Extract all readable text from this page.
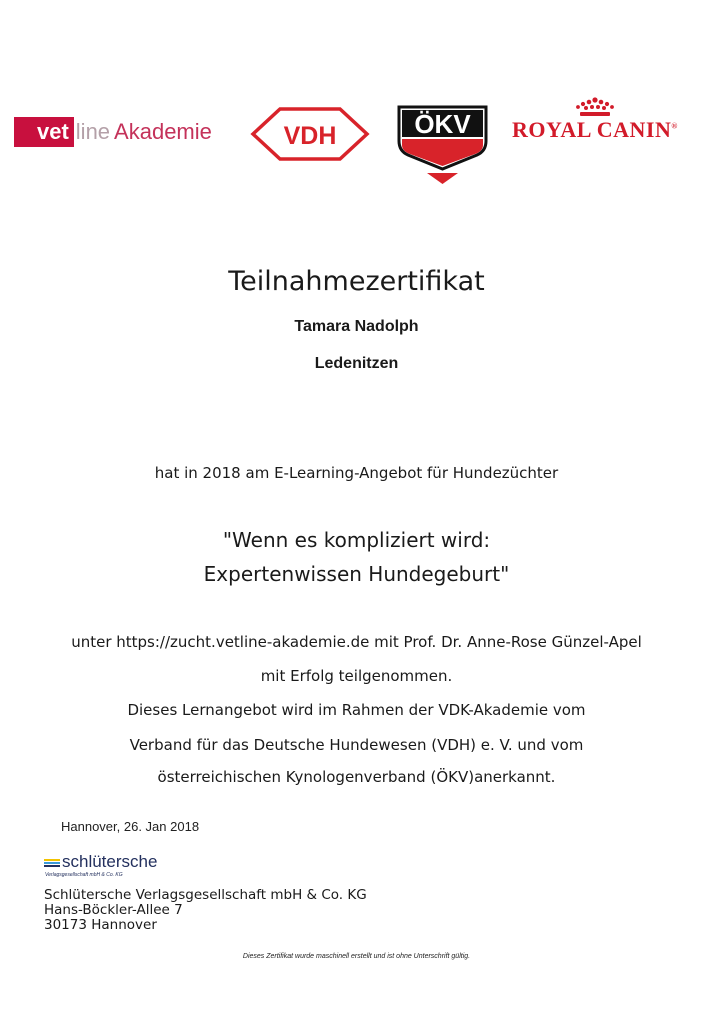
vet line Akademie	VDH	ÖKV ROYAL CANIN®
Teilnahmezertifikat
Tamara Nadolph
Ledenitzen
hat in 2018 am E-Learning-Angebot für Hundezüchter
"Wenn es kompliziert wird:
Expertenwissen Hundegeburt"
unter https://zucht.vetline-akademie.de mit Prof. Dr. Anne-Rose Günzel-Apel
mit Erfolg teilgenommen.
Dieses Lernangebot wird im Rahmen der VDK-Akademie vom
Verband für das Deutsche Hundewesen (VDH) e. V. und vom
österreichischen Kynologenverband (ÖKV)anerkannt.
Hannover, 26. Jan 2018
schlütersche
Verlagsgesellschaft mbH & Co. KG
Schlütersche Verlagsgesellschaft mbH & Co. KG
Hans-Böckler-Allee 7
30173 Hannover
Dieses Zertifikat wurde maschinell erstellt und ist ohne Unterschrift gültig.
